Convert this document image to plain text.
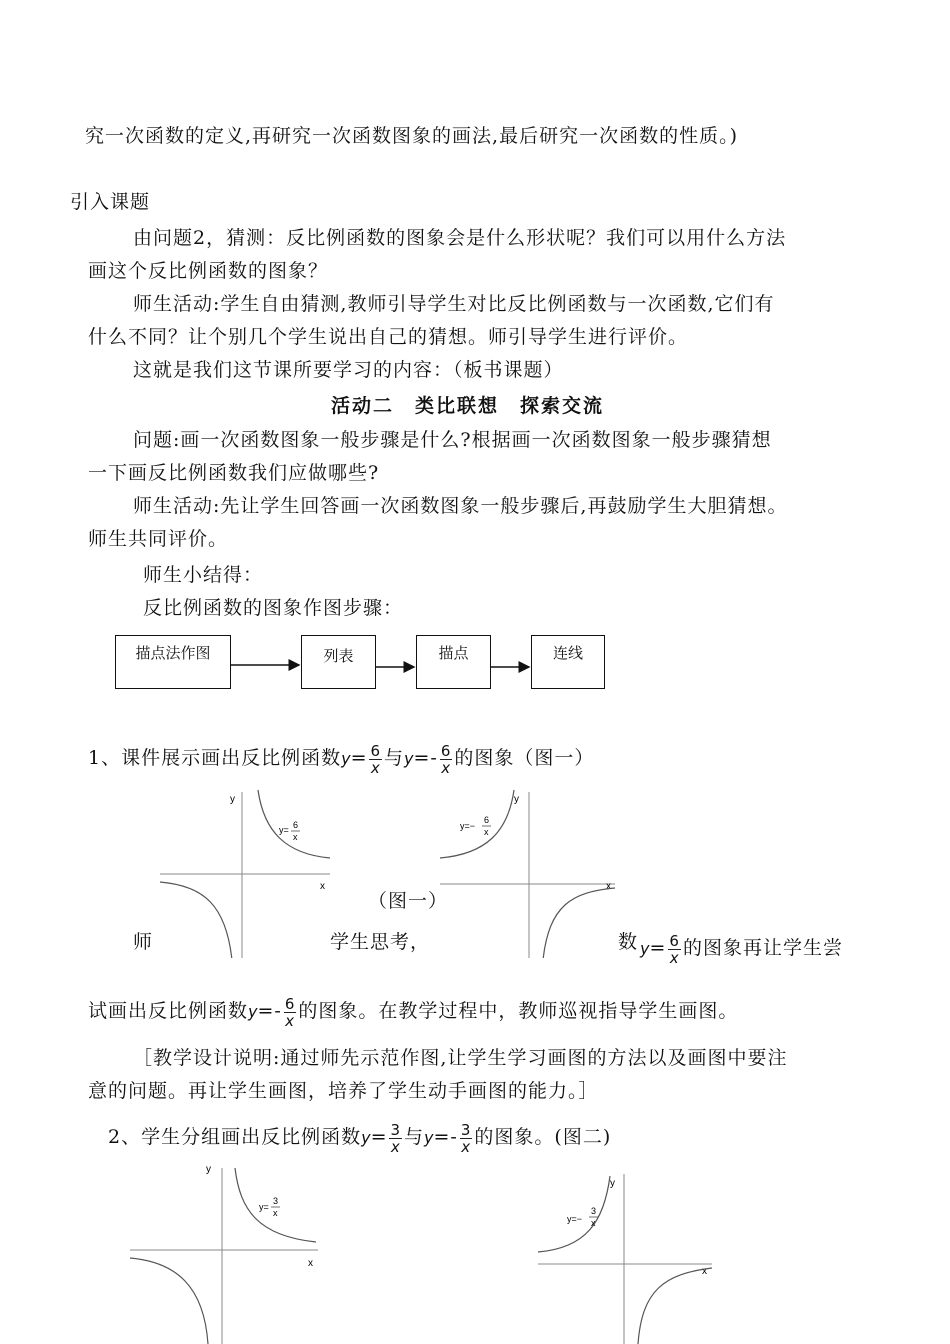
究一次函数的定义,再研究一次函数图象的画法,最后研究一次函数的性质。)
引入课题
由问题2，猜测：反比例函数的图象会是什么形状呢？我们可以用什么方法
画这个反比例函数的图象？
师生活动:学生自由猜测,教师引导学生对比反比例函数与一次函数,它们有
什么不同？让个别几个学生说出自己的猜想。师引导学生进行评价。
这就是我们这节课所要学习的内容：（板书课题）
活动二　类比联想　探索交流
问题:画一次函数图象一般步骤是什么?根据画一次函数图象一般步骤猜想
一下画反比例函数我们应做哪些?
师生活动:先让学生回答画一次函数图象一般步骤后,再鼓励学生大胆猜想。
师生共同评价。
师生小结得：
反比例函数的图象作图步骤：
描点法作图	列表	描点	连线
1、课件展示画出反比例函数$y= \frac{6}{x}$ 与$y=- \frac{6}{x}$ 的图象（图一）
x
y
y= 6
x
x
y
y=−
6
x
（图一）
师	学生思考，	数 $y= \frac{6}{x}$ 的图象再让学生尝
试画出反比例函数$y=- \frac{6}{x}$ 的图象。在教学过程中，教师巡视指导学生画图。
［教学设计说明:通过师先示范作图,让学生学习画图的方法以及画图中要注
意的问题。再让学生画图，培养了学生动手画图的能力。］
2、学生分组画出反比例函数$y= \frac{3}{x}$ 与$y=- \frac{3}{x}$ 的图象。(图二)
x
y
y=
3
x
x
y
y=−
3
x
